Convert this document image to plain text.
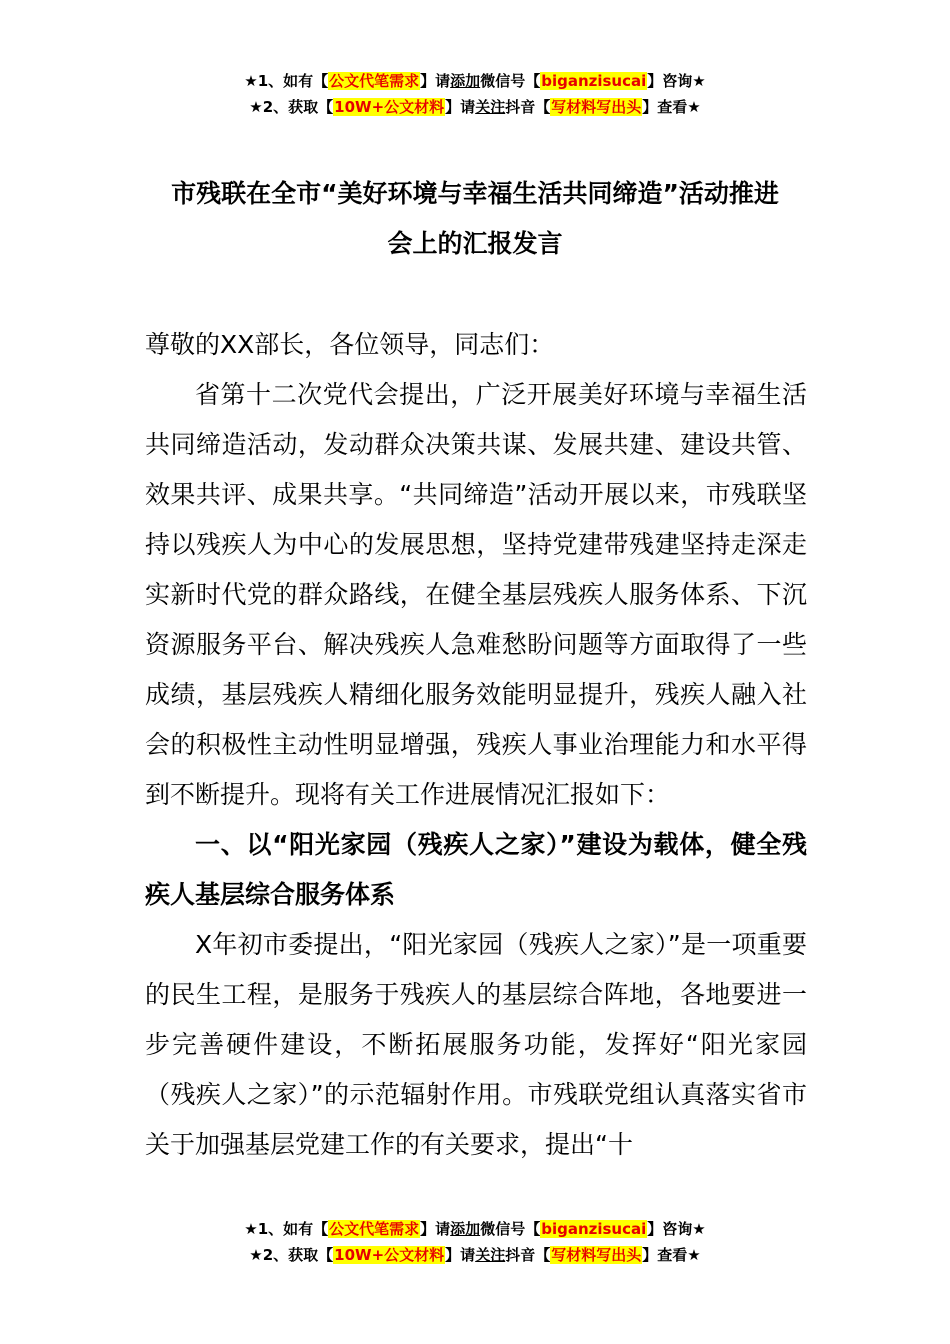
★1、如有【公文代笔需求】请添加微信号【biganzisucai】咨询★
★2、获取【10W+公文材料】请关注抖音【写材料写出头】查看★
市残联在全市“美好环境与幸福生活共同缔造”活动推进
会上的汇报发言

尊敬的XX部长，各位领导，同志们：

省第十二次党代会提出，广泛开展美好环境与幸福生活共同缔造活动，发动群众决策共谋、发展共建、建设共管、效果共评、成果共享。“共同缔造”活动开展以来，市残联坚持以残疾人为中心的发展思想，坚持党建带残建坚持走深走实新时代党的群众路线，在健全基层残疾人服务体系、下沉资源服务平台、解决残疾人急难愁盼问题等方面取得了一些成绩，基层残疾人精细化服务效能明显提升，残疾人融入社会的积极性主动性明显增强，残疾人事业治理能力和水平得到不断提升。现将有关工作进展情况汇报如下：

一、以“阳光家园（残疾人之家）”建设为载体，健全残疾人基层综合服务体系

X年初市委提出，“阳光家园（残疾人之家）”是一项重要的民生工程，是服务于残疾人的基层综合阵地，各地要进一步完善硬件建设，不断拓展服务功能，发挥好“阳光家园（残疾人之家）”的示范辐射作用。市残联党组认真落实省市关于加强基层党建工作的有关要求，提出“十

★1、如有【公文代笔需求】请添加微信号【biganzisucai】咨询★
★2、获取【10W+公文材料】请关注抖音【写材料写出头】查看★
